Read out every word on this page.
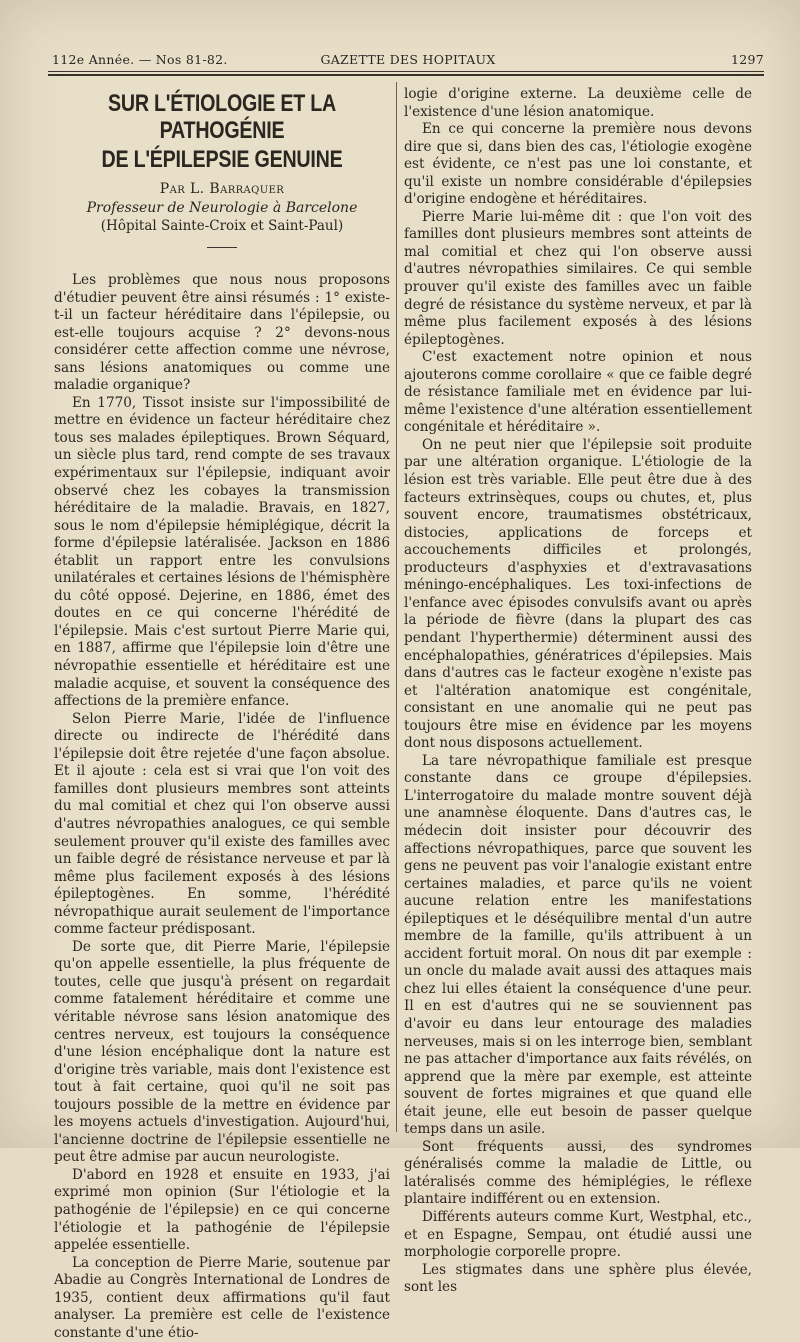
112e Année. — Nos 81-82.	GAZETTE DES HOPITAUX	1297
SUR L'ÉTIOLOGIE ET LA PATHOGÉNIE
DE L'ÉPILEPSIE GENUINE
Par L. Barraquer
Professeur de Neurologie à Barcelone
(Hôpital Sainte-Croix et Saint-Paul)

Les problèmes que nous nous proposons d'étudier peuvent être ainsi résumés : 1° existe-t-il un facteur héréditaire dans l'épilepsie, ou est-elle toujours acquise ? 2° devons-nous considérer cette affection comme une névrose, sans lésions anatomiques ou comme une maladie organique?

En 1770, Tissot insiste sur l'impossibilité de mettre en évidence un facteur héréditaire chez tous ses malades épileptiques. Brown Séquard, un siècle plus tard, rend compte de ses travaux expérimentaux sur l'épilepsie, indiquant avoir observé chez les cobayes la transmission héréditaire de la maladie. Bravais, en 1827, sous le nom d'épilepsie hémiplégique, décrit la forme d'épilepsie latéralisée. Jackson en 1886 établit un rapport entre les convulsions unilatérales et certaines lésions de l'hémisphère du côté opposé. Dejerine, en 1886, émet des doutes en ce qui concerne l'hérédité de l'épilepsie. Mais c'est surtout Pierre Marie qui, en 1887, affirme que l'épilepsie loin d'être une névropathie essentielle et héréditaire est une maladie acquise, et souvent la conséquence des affections de la première enfance.

Selon Pierre Marie, l'idée de l'influence directe ou indirecte de l'hérédité dans l'épilepsie doit être rejetée d'une façon absolue. Et il ajoute : cela est si vrai que l'on voit des familles dont plusieurs membres sont atteints du mal comitial et chez qui l'on observe aussi d'autres névropathies analogues, ce qui semble seulement prouver qu'il existe des familles avec un faible degré de résistance nerveuse et par là même plus facilement exposés à des lésions épileptogènes. En somme, l'hérédité névropathique aurait seulement de l'importance comme facteur prédisposant.

De sorte que, dit Pierre Marie, l'épilepsie qu'on appelle essentielle, la plus fréquente de toutes, celle que jusqu'à présent on regardait comme fatalement héréditaire et comme une véritable névrose sans lésion anatomique des centres nerveux, est toujours la conséquence d'une lésion encéphalique dont la nature est d'origine très variable, mais dont l'existence est tout à fait certaine, quoi qu'il ne soit pas toujours possible de la mettre en évidence par les moyens actuels d'investigation. Aujourd'hui, l'ancienne doctrine de l'épilepsie essentielle ne peut être admise par aucun neurologiste.

D'abord en 1928 et ensuite en 1933, j'ai exprimé mon opinion (Sur l'étiologie et la pathogénie de l'épilepsie) en ce qui concerne l'étiologie et la pathogénie de l'épilepsie appelée essentielle.

La conception de Pierre Marie, soutenue par Abadie au Congrès International de Londres de 1935, contient deux affirmations qu'il faut analyser. La première est celle de l'existence constante d'une étio-

logie d'origine externe. La deuxième celle de l'existence d'une lésion anatomique.

En ce qui concerne la première nous devons dire que si, dans bien des cas, l'étiologie exogène est évidente, ce n'est pas une loi constante, et qu'il existe un nombre considérable d'épilepsies d'origine endogène et héréditaires.

Pierre Marie lui-même dit : que l'on voit des familles dont plusieurs membres sont atteints de mal comitial et chez qui l'on observe aussi d'autres névropathies similaires. Ce qui semble prouver qu'il existe des familles avec un faible degré de résistance du système nerveux, et par là même plus facilement exposés à des lésions épileptogènes.

C'est exactement notre opinion et nous ajouterons comme corollaire « que ce faible degré de résistance familiale met en évidence par lui-même l'existence d'une altération essentiellement congénitale et héréditaire ».

On ne peut nier que l'épilepsie soit produite par une altération organique. L'étiologie de la lésion est très variable. Elle peut être due à des facteurs extrinsèques, coups ou chutes, et, plus souvent encore, traumatismes obstétricaux, distocies, applications de forceps et accouchements difficiles et prolongés, producteurs d'asphyxies et d'extravasations méningo-encéphaliques. Les toxi-infections de l'enfance avec épisodes convulsifs avant ou après la période de fièvre (dans la plupart des cas pendant l'hyperthermie) déterminent aussi des encéphalopathies, génératrices d'épilepsies. Mais dans d'autres cas le facteur exogène n'existe pas et l'altération anatomique est congénitale, consistant en une anomalie qui ne peut pas toujours être mise en évidence par les moyens dont nous disposons actuellement.

La tare névropathique familiale est presque constante dans ce groupe d'épilepsies. L'interrogatoire du malade montre souvent déjà une anamnèse éloquente. Dans d'autres cas, le médecin doit insister pour découvrir des affections névropathiques, parce que souvent les gens ne peuvent pas voir l'analogie existant entre certaines maladies, et parce qu'ils ne voient aucune relation entre les manifestations épileptiques et le déséquilibre mental d'un autre membre de la famille, qu'ils attribuent à un accident fortuit moral. On nous dit par exemple : un oncle du malade avait aussi des attaques mais chez lui elles étaient la conséquence d'une peur. Il en est d'autres qui ne se souviennent pas d'avoir eu dans leur entourage des maladies nerveuses, mais si on les interroge bien, semblant ne pas attacher d'importance aux faits révélés, on apprend que la mère par exemple, est atteinte souvent de fortes migraines et que quand elle était jeune, elle eut besoin de passer quelque temps dans un asile.

Sont fréquents aussi, des syndromes généralisés comme la maladie de Little, ou latéralisés comme des hémiplégies, le réflexe plantaire indifférent ou en extension.

Différents auteurs comme Kurt, Westphal, etc., et en Espagne, Sempau, ont étudié aussi une morphologie corporelle propre.

Les stigmates dans une sphère plus élevée, sont les
